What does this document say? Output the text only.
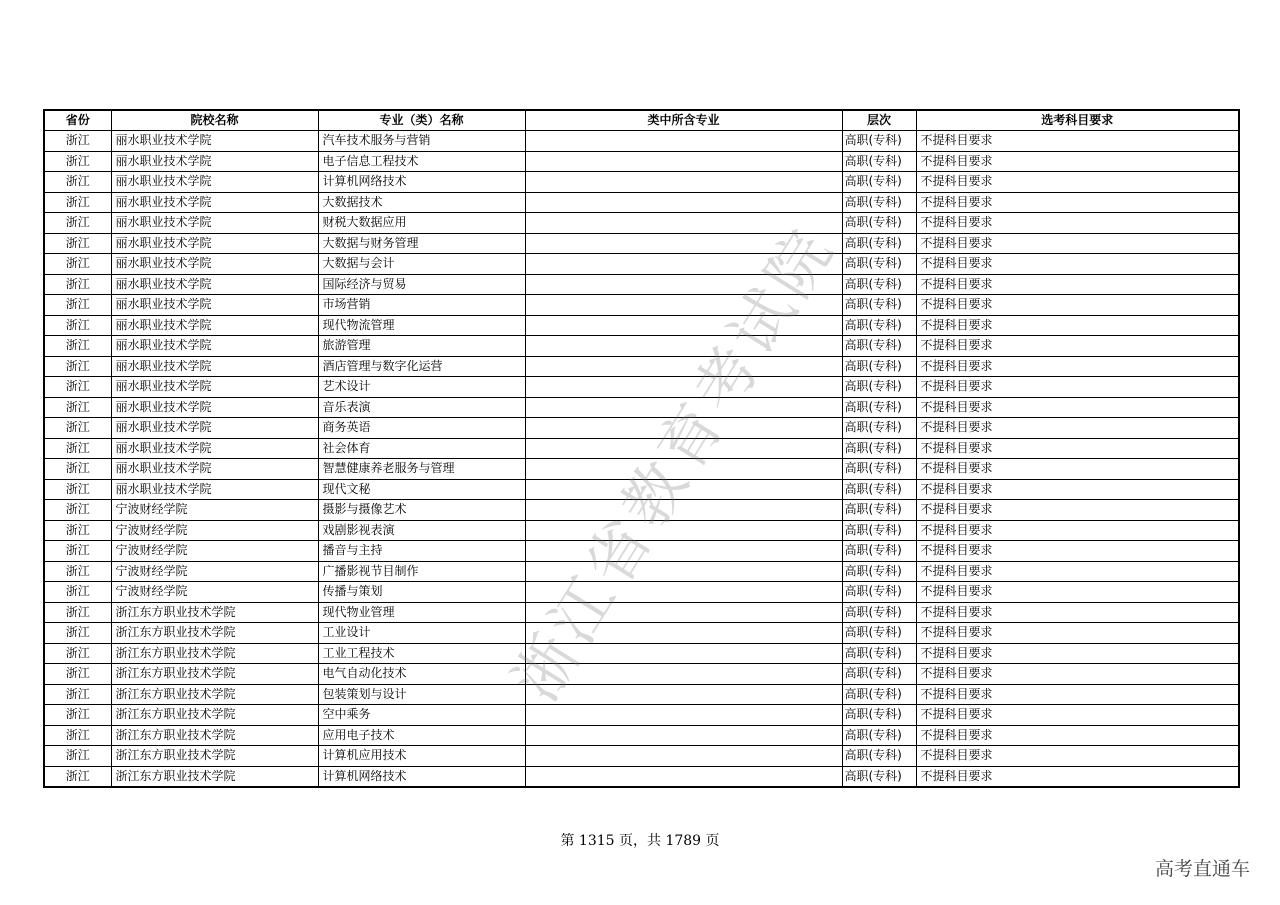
省份	院校名称	专业（类）名称	类中所含专业	层次	选考科目要求
浙江	丽水职业技术学院	汽车技术服务与营销		高职(专科)	不提科目要求
浙江	丽水职业技术学院	电子信息工程技术		高职(专科)	不提科目要求
浙江	丽水职业技术学院	计算机网络技术		高职(专科)	不提科目要求
浙江	丽水职业技术学院	大数据技术		高职(专科)	不提科目要求
浙江	丽水职业技术学院	财税大数据应用		高职(专科)	不提科目要求
浙江	丽水职业技术学院	大数据与财务管理		高职(专科)	不提科目要求
浙江	丽水职业技术学院	大数据与会计		高职(专科)	不提科目要求
浙江	丽水职业技术学院	国际经济与贸易		高职(专科)	不提科目要求
浙江	丽水职业技术学院	市场营销		高职(专科)	不提科目要求
浙江	丽水职业技术学院	现代物流管理		高职(专科)	不提科目要求
浙江	丽水职业技术学院	旅游管理		高职(专科)	不提科目要求
浙江	丽水职业技术学院	酒店管理与数字化运营		高职(专科)	不提科目要求
浙江	丽水职业技术学院	艺术设计		高职(专科)	不提科目要求
浙江	丽水职业技术学院	音乐表演		高职(专科)	不提科目要求
浙江	丽水职业技术学院	商务英语		高职(专科)	不提科目要求
浙江	丽水职业技术学院	社会体育		高职(专科)	不提科目要求
浙江	丽水职业技术学院	智慧健康养老服务与管理		高职(专科)	不提科目要求
浙江	丽水职业技术学院	现代文秘		高职(专科)	不提科目要求
浙江	宁波财经学院	摄影与摄像艺术		高职(专科)	不提科目要求
浙江	宁波财经学院	戏剧影视表演		高职(专科)	不提科目要求
浙江	宁波财经学院	播音与主持		高职(专科)	不提科目要求
浙江	宁波财经学院	广播影视节目制作		高职(专科)	不提科目要求
浙江	宁波财经学院	传播与策划		高职(专科)	不提科目要求
浙江	浙江东方职业技术学院	现代物业管理		高职(专科)	不提科目要求
浙江	浙江东方职业技术学院	工业设计		高职(专科)	不提科目要求
浙江	浙江东方职业技术学院	工业工程技术		高职(专科)	不提科目要求
浙江	浙江东方职业技术学院	电气自动化技术		高职(专科)	不提科目要求
浙江	浙江东方职业技术学院	包装策划与设计		高职(专科)	不提科目要求
浙江	浙江东方职业技术学院	空中乘务		高职(专科)	不提科目要求
浙江	浙江东方职业技术学院	应用电子技术		高职(专科)	不提科目要求
浙江	浙江东方职业技术学院	计算机应用技术		高职(专科)	不提科目要求
浙江	浙江东方职业技术学院	计算机网络技术		高职(专科)	不提科目要求
浙江省教育考试院
第 1315 页，共 1789 页
高考直通车
